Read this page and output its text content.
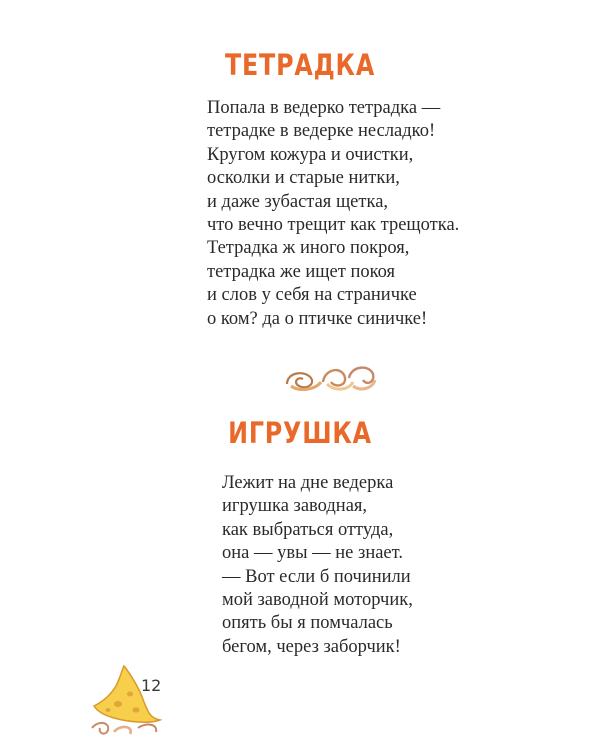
ТЕТРАДКА
Попала в ведерко тетрадка —
тетрадке в ведерке несладко!
Кругом кожура и очистки,
осколки и старые нитки,
и даже зубастая щетка,
что вечно трещит как трещотка.
Тетрадка ж иного покроя,
тетрадка же ищет покоя
и слов у себя на страничке
о ком? да о птичке синичке!
ИГРУШКА
Лежит на дне ведерка
игрушка заводная,
как выбраться оттуда,
она — увы — не знает.
— Вот если б починили
мой заводной моторчик,
опять бы я помчалась
бегом, через заборчик!
12
